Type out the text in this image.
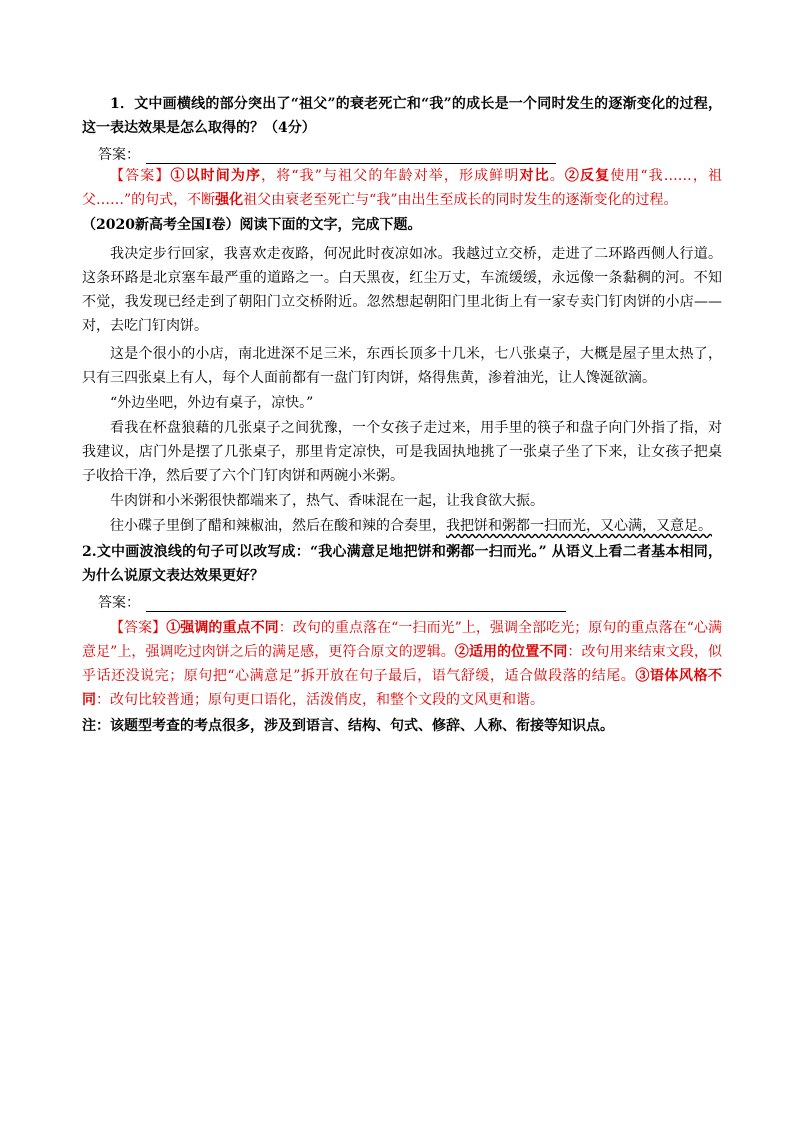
1．文中画横线的部分突出了“祖父”的衰老死亡和“我”的成长是一个同时发生的逐渐变化的过程，这一表达效果是怎么取得的？（4分）

答案：

【答案】①以时间为序，将“我”与祖父的年龄对举，形成鲜明对比。②反复使用“我……，祖父……”的句式，不断强化祖父由衰老至死亡与“我”由出生至成长的同时发生的逐渐变化的过程。

（2020新高考全国Ⅰ卷）阅读下面的文字，完成下题。

我决定步行回家，我喜欢走夜路，何况此时夜凉如冰。我越过立交桥，走进了二环路西侧人行道。这条环路是北京塞车最严重的道路之一。白天黑夜，红尘万丈，车流缓缓，永远像一条黏稠的河。不知不觉，我发现已经走到了朝阳门立交桥附近。忽然想起朝阳门里北街上有一家专卖门钉肉饼的小店——对，去吃门钉肉饼。

这是个很小的小店，南北进深不足三米，东西长顶多十几米，七八张桌子，大概是屋子里太热了，只有三四张桌上有人，每个人面前都有一盘门钉肉饼，烙得焦黄，渗着油光，让人馋涎欲滴。

“外边坐吧，外边有桌子，凉快。”

看我在杯盘狼藉的几张桌子之间犹豫，一个女孩子走过来，用手里的筷子和盘子向门外指了指，对我建议，店门外是摆了几张桌子，那里肯定凉快，可是我固执地挑了一张桌子坐了下来，让女孩子把桌子收拾干净，然后要了六个门钉肉饼和两碗小米粥。

牛肉饼和小米粥很快都端来了，热气、香味混在一起，让我食欲大振。

往小碟子里倒了醋和辣椒油，然后在酸和辣的合奏里，我把饼和粥都一扫而光，又心满，又意足。

2.文中画波浪线的句子可以改写成：“我心满意足地把饼和粥都一扫而光。” 从语义上看二者基本相同，为什么说原文表达效果更好？

答案：

【答案】①强调的重点不同：改句的重点落在“一扫而光”上，强调全部吃光；原句的重点落在“心满意足”上，强调吃过肉饼之后的满足感，更符合原文的逻辑。②适用的位置不同：改句用来结束文段，似乎话还没说完；原句把“心满意足”拆开放在句子最后，语气舒缓，适合做段落的结尾。③语体风格不同：改句比较普通；原句更口语化，活泼俏皮，和整个文段的文风更和谐。

注：该题型考查的考点很多，涉及到语言、结构、句式、修辞、人称、衔接等知识点。
